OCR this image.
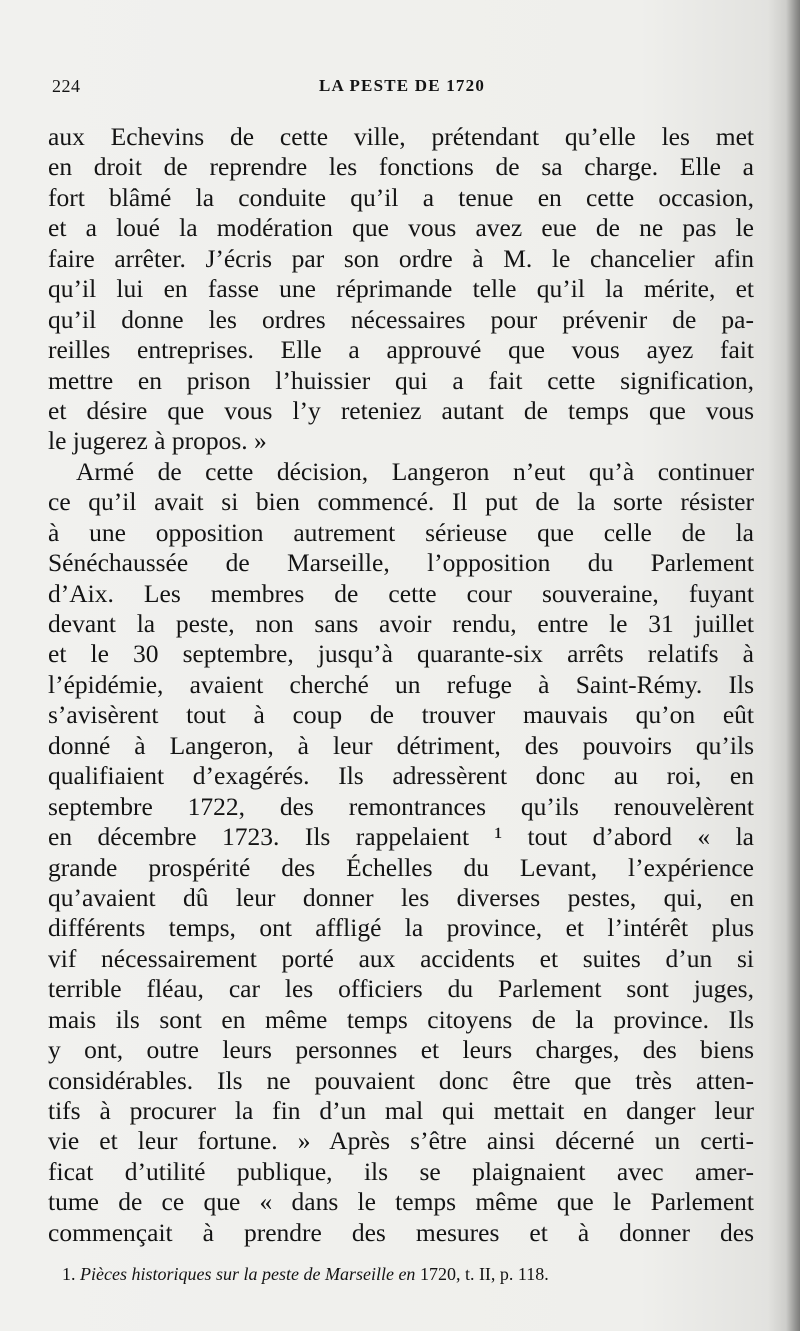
224	LA PESTE DE 1720
aux Echevins de cette ville, prétendant qu’elle les met
en droit de reprendre les fonctions de sa charge. Elle a
fort blâmé la conduite qu’il a tenue en cette occasion,
et a loué la modération que vous avez eue de ne pas le
faire arrêter. J’écris par son ordre à M. le chancelier afin
qu’il lui en fasse une réprimande telle qu’il la mérite, et
qu’il donne les ordres nécessaires pour prévenir de pa-
reilles entreprises. Elle a approuvé que vous ayez fait
mettre en prison l’huissier qui a fait cette signification,
et désire que vous l’y reteniez autant de temps que vous
le jugerez à propos. »
Armé de cette décision, Langeron n’eut qu’à continuer
ce qu’il avait si bien commencé. Il put de la sorte résister
à une opposition autrement sérieuse que celle de la
Sénéchaussée de Marseille, l’opposition du Parlement
d’Aix. Les membres de cette cour souveraine, fuyant
devant la peste, non sans avoir rendu, entre le 31 juillet
et le 30 septembre, jusqu’à quarante-six arrêts relatifs à
l’épidémie, avaient cherché un refuge à Saint-Rémy. Ils
s’avisèrent tout à coup de trouver mauvais qu’on eût
donné à Langeron, à leur détriment, des pouvoirs qu’ils
qualifiaient d’exagérés. Ils adressèrent donc au roi, en
septembre 1722, des remontrances qu’ils renouvelèrent
en décembre 1723. Ils rappelaient ¹ tout d’abord « la
grande prospérité des Échelles du Levant, l’expérience
qu’avaient dû leur donner les diverses pestes, qui, en
différents temps, ont affligé la province, et l’intérêt plus
vif nécessairement porté aux accidents et suites d’un si
terrible fléau, car les officiers du Parlement sont juges,
mais ils sont en même temps citoyens de la province. Ils
y ont, outre leurs personnes et leurs charges, des biens
considérables. Ils ne pouvaient donc être que très atten-
tifs à procurer la fin d’un mal qui mettait en danger leur
vie et leur fortune. » Après s’être ainsi décerné un certi-
ficat d’utilité publique, ils se plaignaient avec amer-
tume de ce que « dans le temps même que le Parlement
commençait à prendre des mesures et à donner des
1. Pièces historiques sur la peste de Marseille en 1720, t. II, p. 118.
